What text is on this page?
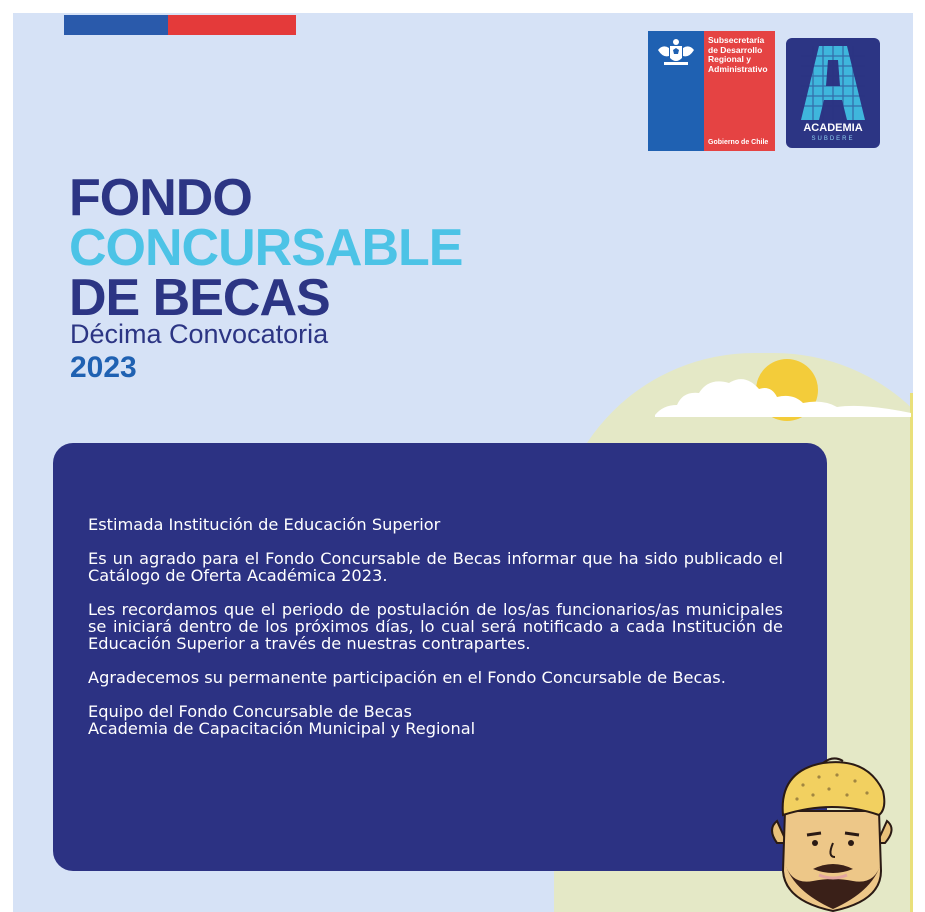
Subsecretaría
de Desarrollo
Regional y
Administrativo
Gobierno de Chile
ACADEMIA
SUBDERE
FONDO
CONCURSABLE
DE BECAS
Décima Convocatoria
2023

Estimada Institución de Educación Superior

Es un agrado para el Fondo Concursable de Becas informar que ha sido publicado el Catálogo de Oferta Académica 2023.

Les recordamos que el periodo de postulación de los/as funcionarios/as municipales se iniciará dentro de los próximos días, lo cual será notificado a cada Institución de Educación Superior a través de nuestras contrapartes.

Agradecemos su permanente participación en el Fondo Concursable de Becas.

Equipo del Fondo Concursable de Becas

Academia de Capacitación Municipal y Regional
